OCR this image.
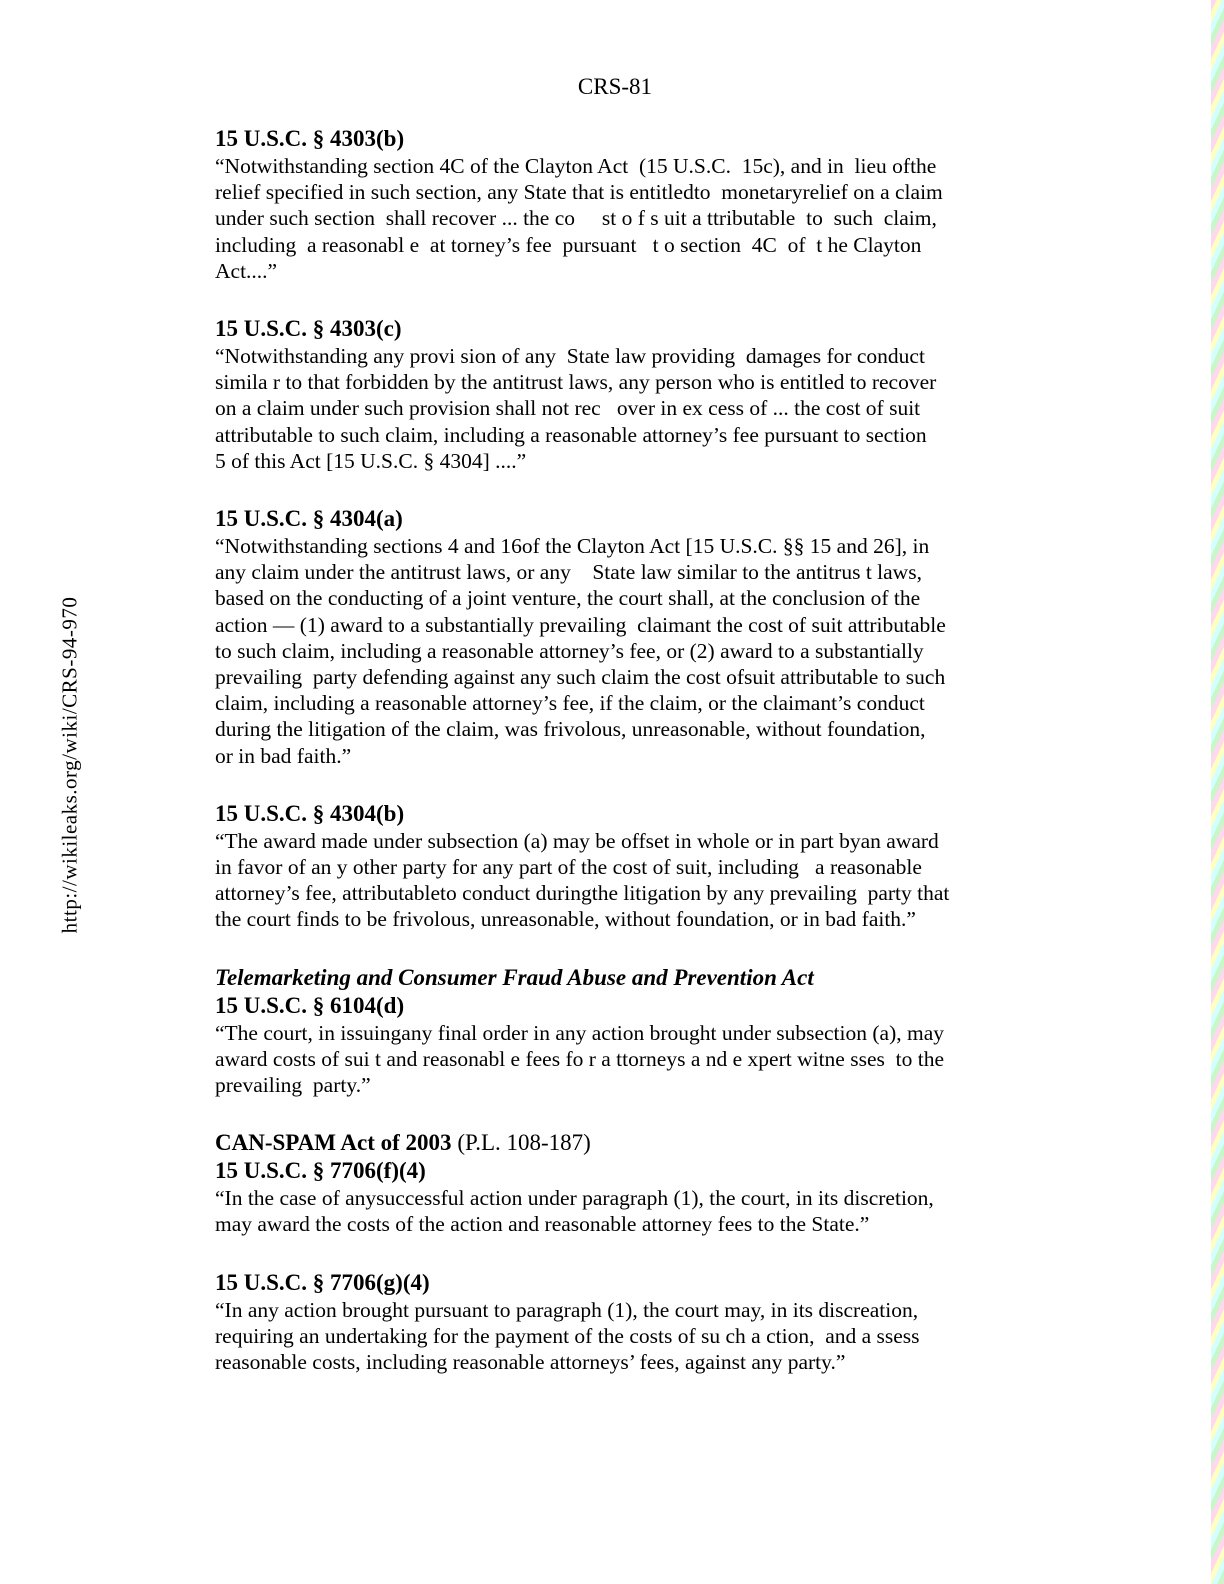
http://wikileaks.org/wiki/CRS-94-970
CRS-81
15 U.S.C. § 4303(b)
“Notwithstanding section 4C of the Clayton Act  (15 U.S.C.  15c), and in  lieu ofthe
relief specified in such section, any State that is entitledto  monetaryrelief on a claim
under such section  shall recover ... the co     st o f s uit a ttributable  to  such  claim,
including  a reasonabl e  at torney’s fee  pursuant   t o section  4C  of  t he Clayton
Act....”
15 U.S.C. § 4303(c)
“Notwithstanding any provi sion of any  State law providing  damages for conduct
simila r to that forbidden by the antitrust laws, any person who is entitled to recover
on a claim under such provision shall not rec   over in ex cess of ... the cost of suit
attributable to such claim, including a reasonable attorney’s fee pursuant to section
5 of this Act [15 U.S.C. § 4304] ....”
15 U.S.C. § 4304(a)
“Notwithstanding sections 4 and 16of the Clayton Act [15 U.S.C. §§ 15 and 26], in
any claim under the antitrust laws, or any    State law similar to the antitrus t laws,
based on the conducting of a joint venture, the court shall, at the conclusion of the
action — (1) award to a substantially prevailing  claimant the cost of suit attributable
to such claim, including a reasonable attorney’s fee, or (2) award to a substantially
prevailing  party defending against any such claim the cost ofsuit attributable to such
claim, including a reasonable attorney’s fee, if the claim, or the claimant’s conduct
during the litigation of the claim, was frivolous, unreasonable, without foundation,
or in bad faith.”
15 U.S.C. § 4304(b)
“The award made under subsection (a) may be offset in whole or in part byan award
in favor of an y other party for any part of the cost of suit, including   a reasonable
attorney’s fee, attributableto conduct duringthe litigation by any prevailing  party that
the court finds to be frivolous, unreasonable, without foundation, or in bad faith.”
Telemarketing and Consumer Fraud Abuse and Prevention Act
15 U.S.C. § 6104(d)
“The court, in issuingany final order in any action brought under subsection (a), may
award costs of sui t and reasonabl e fees fo r a ttorneys a nd e xpert witne sses  to the
prevailing  party.”
CAN-SPAM Act of 2003 (P.L. 108-187)
15 U.S.C. § 7706(f)(4)
“In the case of anysuccessful action under paragraph (1), the court, in its discretion,
may award the costs of the action and reasonable attorney fees to the State.”
15 U.S.C. § 7706(g)(4)
“In any action brought pursuant to paragraph (1), the court may, in its discreation,
requiring an undertaking for the payment of the costs of su ch a ction,  and a ssess
reasonable costs, including reasonable attorneys’ fees, against any party.”
